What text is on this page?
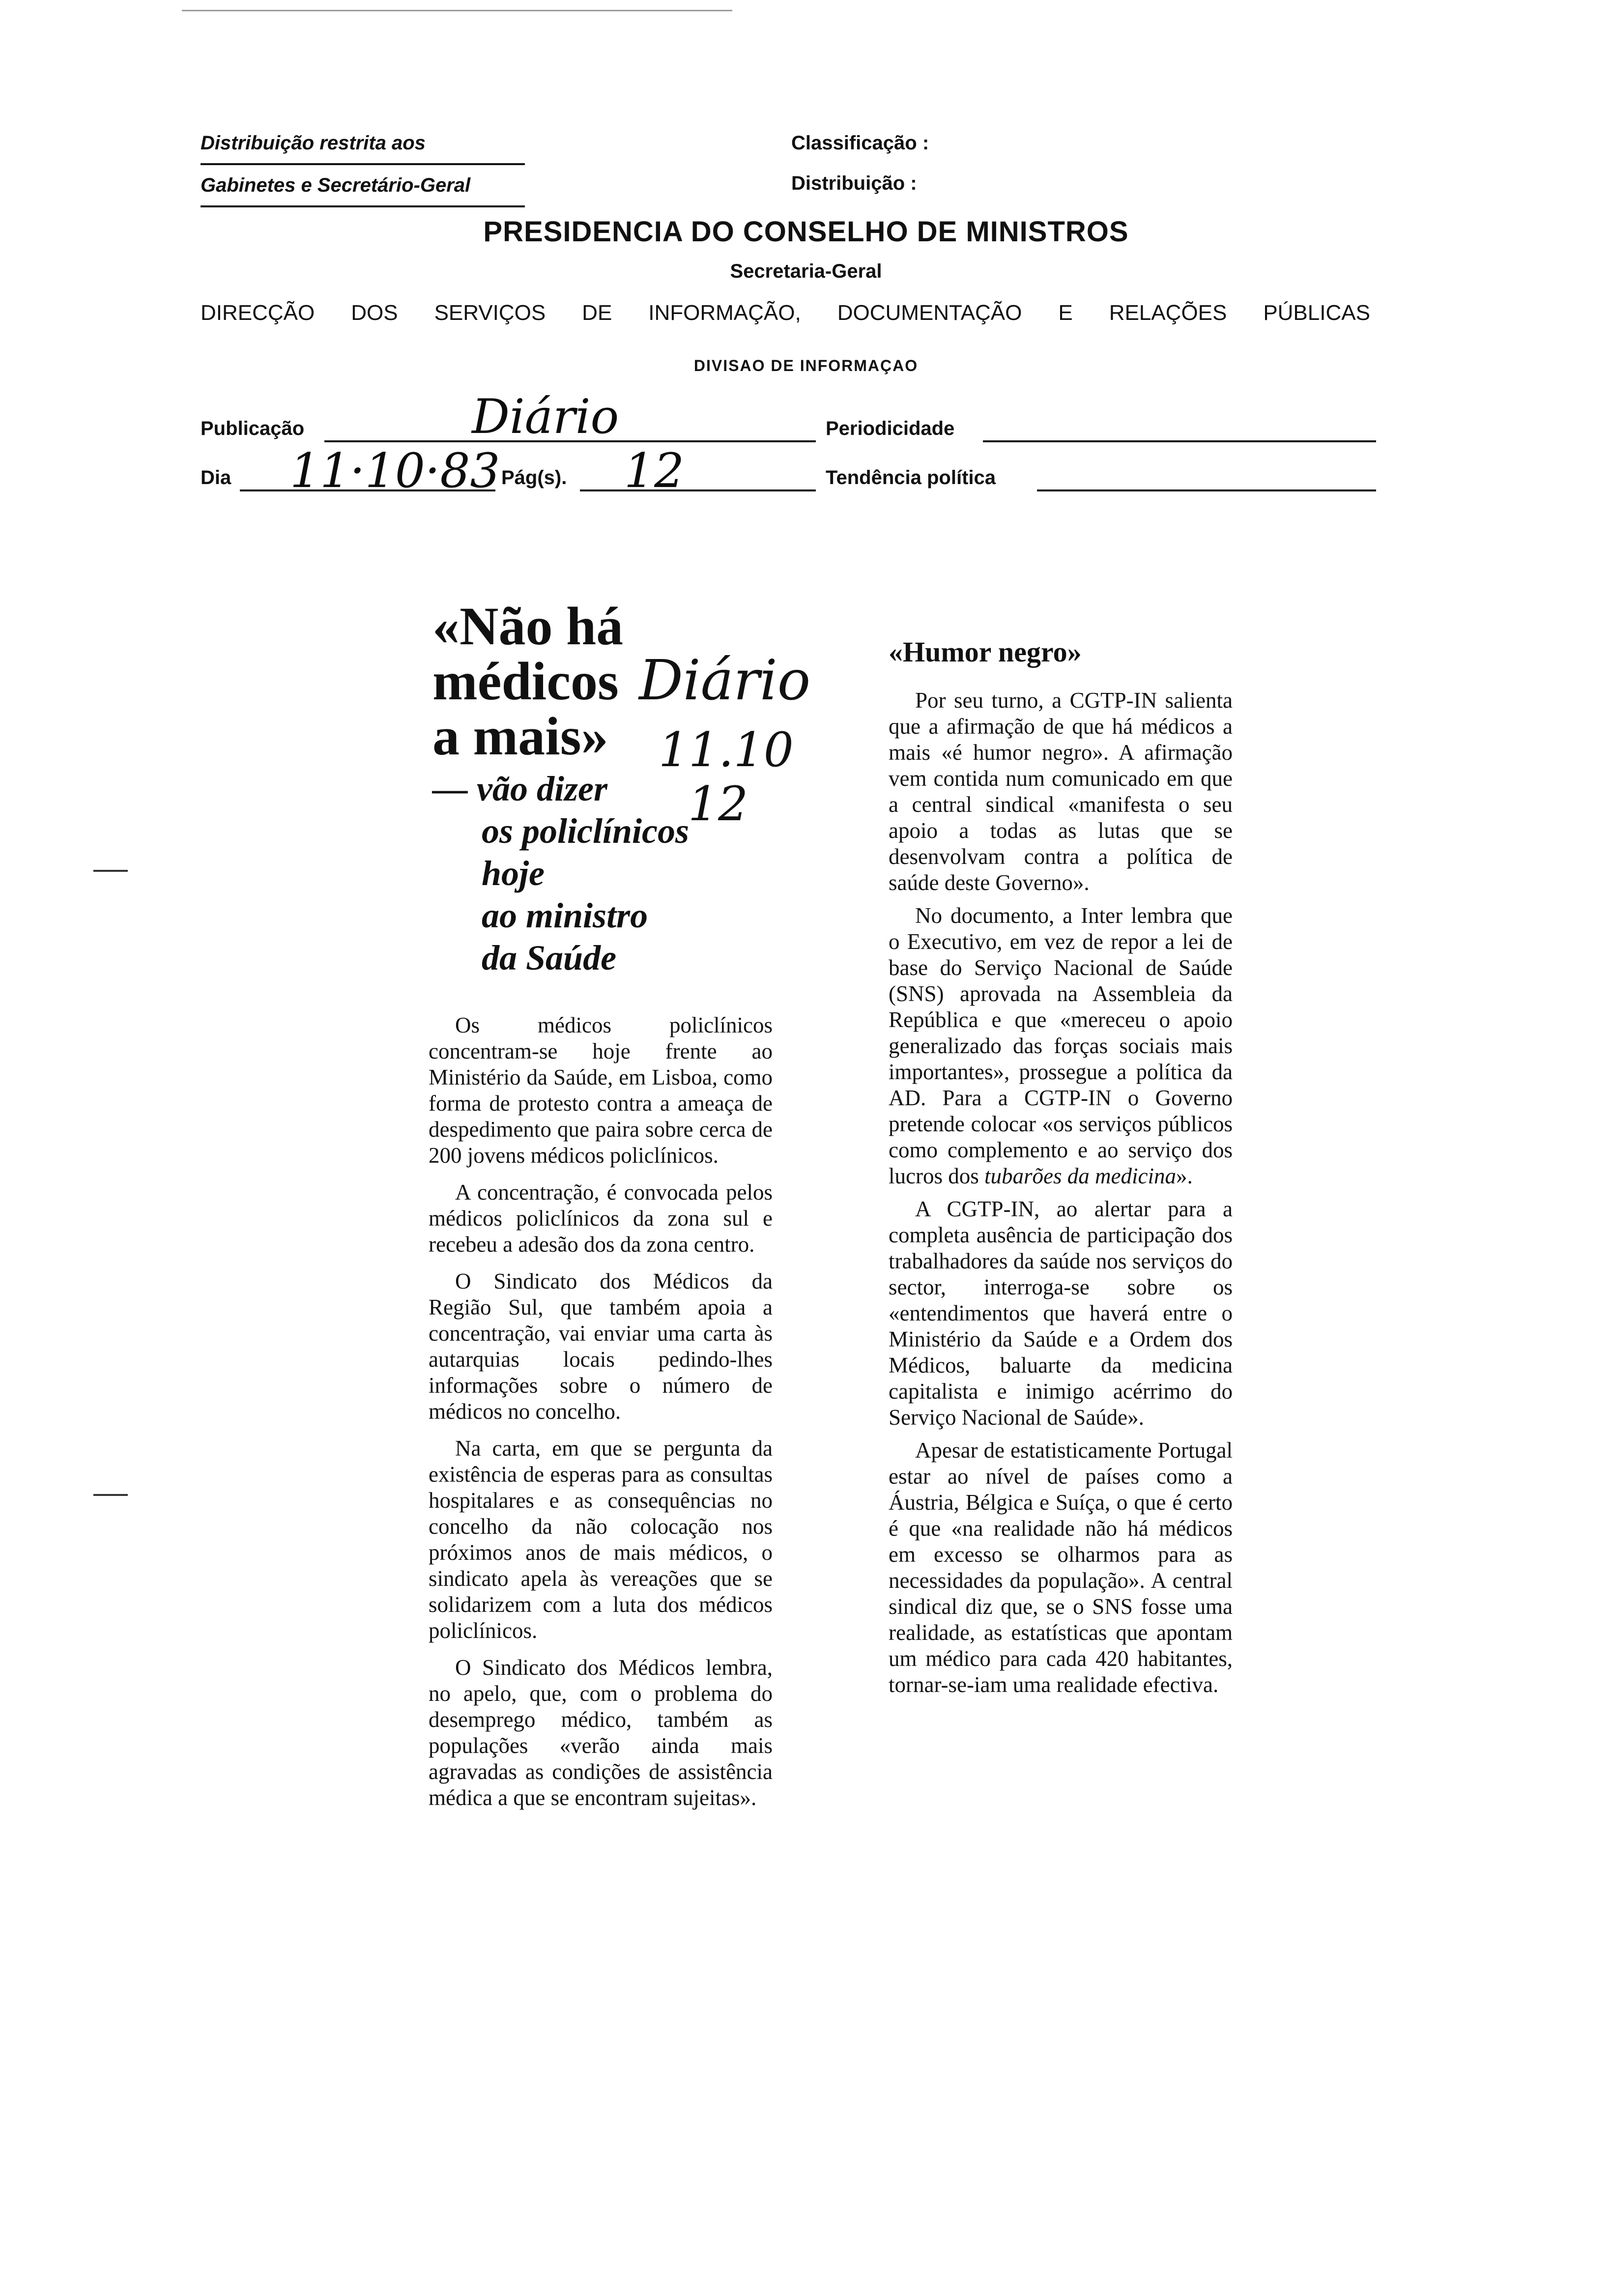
Distribuição restrita aos
Gabinetes e Secretário-Geral
Classificação :
Distribuição :
PRESIDENCIA DO CONSELHO DE MINISTROS
Secretaria-Geral
DIRECÇÃO DOS SERVIÇOS DE INFORMAÇÃO, DOCUMENTAÇÃO E RELAÇÕES PÚBLICAS
DIVISAO DE INFORMAÇAO
Publicação	Diário	Periodicidade
Dia 11·10·83 Pág(s). 12	Tendência política
«Não há
médicos
a mais»
— vão dizer
os policlínicos
hoje
ao ministro
da Saúde
Diário
11.10
12

Os médicos policlínicos concentram-se hoje frente ao Ministério da Saúde, em Lisboa, como forma de protesto contra a ameaça de despedimento que paira sobre cerca de 200 jovens médicos policlínicos.

A concentração, é convocada pelos médicos policlínicos da zona sul e recebeu a adesão dos da zona centro.

O Sindicato dos Médicos da Região Sul, que também apoia a concentração, vai enviar uma carta às autarquias locais pedindo-lhes informações sobre o número de médicos no concelho.

Na carta, em que se pergunta da existência de esperas para as consultas hospitalares e as consequências no concelho da não colocação nos próximos anos de mais médicos, o sindicato apela às vereações que se solidarizem com a luta dos médicos policlínicos.

O Sindicato dos Médicos lembra, no apelo, que, com o problema do desemprego médico, também as populações «verão ainda mais agravadas as condições de assistência médica a que se encontram sujeitas».

«Humor negro»

Por seu turno, a CGTP-IN salienta que a afirmação de que há médicos a mais «é humor negro». A afirmação vem contida num comunicado em que a central sindical «manifesta o seu apoio a todas as lutas que se desenvolvam contra a política de saúde deste Governo».

No documento, a Inter lembra que o Executivo, em vez de repor a lei de base do Serviço Nacional de Saúde (SNS) aprovada na Assembleia da República e que «mereceu o apoio generalizado das forças sociais mais importantes», prossegue a política da AD. Para a CGTP-IN o Governo pretende colocar «os serviços públicos como complemento e ao serviço dos lucros dos tubarões da medicina».

A CGTP-IN, ao alertar para a completa ausência de participação dos trabalhadores da saúde nos serviços do sector, interroga-se sobre os «entendimentos que haverá entre o Ministério da Saúde e a Ordem dos Médicos, baluarte da medicina capitalista e inimigo acérrimo do Serviço Nacional de Saúde».

Apesar de estatisticamente Portugal estar ao nível de países como a Áustria, Bélgica e Suíça, o que é certo é que «na realidade não há médicos em excesso se olharmos para as necessidades da população». A central sindical diz que, se o SNS fosse uma realidade, as estatísticas que apontam um médico para cada 420 habitantes, tornar-se-iam uma realidade efectiva.
